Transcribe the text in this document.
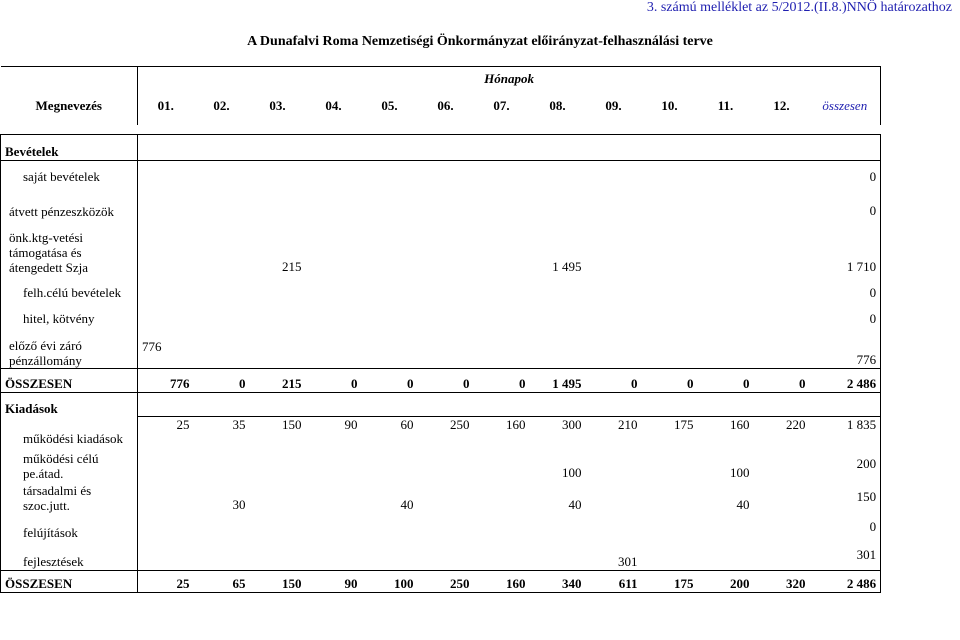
3. számú melléklet az 5/2012.(II.8.)NNÖ határozathoz
A Dunafalvi Roma Nemzetiségi Önkormányzat előirányzat-felhasználási terve
	Hónapok												
Megnevezés	01.	02.	03.	04.	05.	06.	07.	08.	09.	10.	11.	12.	összesen

Bevételek													
saját bevételek													0
átvett pénzeszközök													0
önk.ktg-vetési támogatása és átengedett Szja			215					1 495					1 710
felh.célú bevételek													0
hitel, kötvény													0
előző évi záró pénzállomány	776												776
ÖSSZESEN	776	0	215	0	0	0	0	1 495	0	0	0	0	2 486
Kiadások													
működési kiadások	25	35	150	90	60	250	160	300	210	175	160	220	1 835
működési célú pe.átad.								100			100		200
társadalmi és szoc.jutt.		30			40			40			40		150
felújítások													0
fejlesztések									301				301
ÖSSZESEN	25	65	150	90	100	250	160	340	611	175	200	320	2 486
